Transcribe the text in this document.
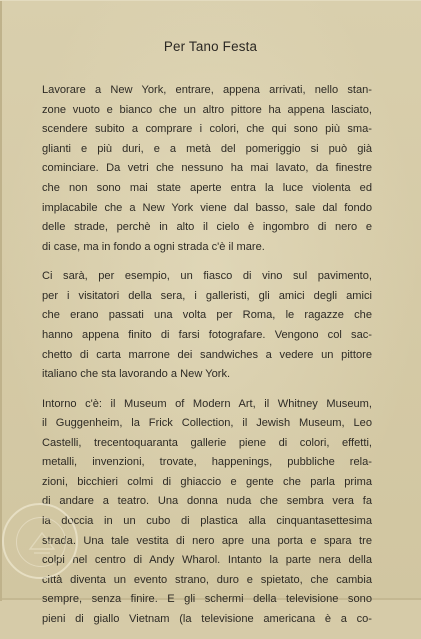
Per Tano Festa
Lavorare a New York, entrare, appena arrivati, nello stan-
zone vuoto e bianco che un altro pittore ha appena lasciato,
scendere subito a comprare i colori, che qui sono più sma-
glianti e più duri, e a metà del pomeriggio si può già
cominciare. Da vetri che nessuno ha mai lavato, da finestre
che non sono mai state aperte entra la luce violenta ed
implacabile che a New York viene dal basso, sale dal fondo
delle strade, perchè in alto il cielo è ingombro di nero e
di case, ma in fondo a ogni strada c'è il mare.
Ci sarà, per esempio, un fiasco di vino sul pavimento,
per i visitatori della sera, i galleristi, gli amici degli amici
che erano passati una volta per Roma, le ragazze che
hanno appena finito di farsi fotografare. Vengono col sac-
chetto di carta marrone dei sandwiches a vedere un pittore
italiano che sta lavorando a New York.
Intorno c'è: il Museum of Modern Art, il Whitney Museum,
il Guggenheim, la Frick Collection, il Jewish Museum, Leo
Castelli, trecentoquaranta gallerie piene di colori, effetti,
metalli, invenzioni, trovate, happenings, pubbliche rela-
zioni, bicchieri colmi di ghiaccio e gente che parla prima
di andare a teatro. Una donna nuda che sembra vera fa
la doccia in un cubo di plastica alla cinquantasettesima
strada. Una tale vestita di nero apre una porta e spara tre
colpi nel centro di Andy Wharol. Intanto la parte nera della
città diventa un evento strano, duro e spietato, che cambia
sempre, senza finire. E gli schermi della televisione sono
pieni di giallo Vietnam (la televisione americana è a co-
